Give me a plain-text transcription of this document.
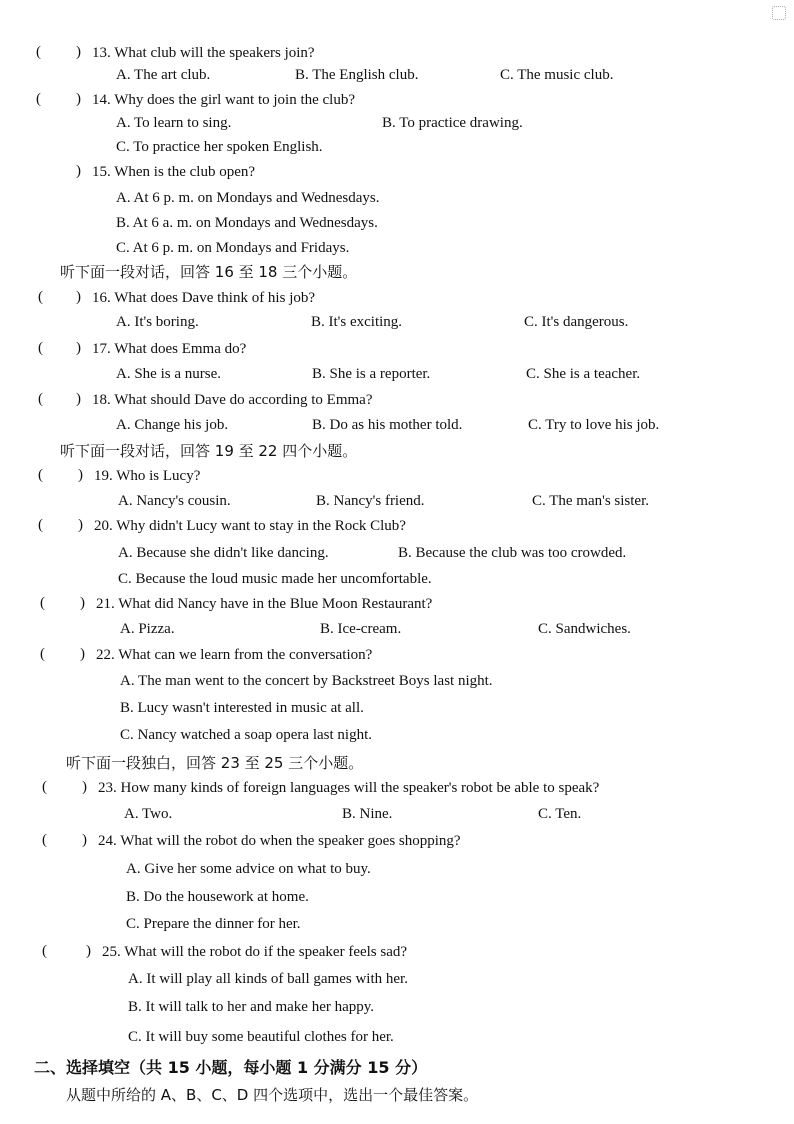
听下面一段对话，回答 16 至 18 三个小题。
听下面一段对话，回答 19 至 22 四个小题。
听下面一段独白，回答 23 至 25 三个小题。
二、选择填空（共 15 小题，每小题 1 分满分 15 分）
从题中所给的 A、B、C、D 四个选项中，选出一个最佳答案。
( ) 13. What club will the speakers join?
A. The art club.	B. The English club.	C. The music club.
( ) 14. Why does the girl want to join the club?
A. To learn to sing.	B. To practice drawing.
C. To practice her spoken English.
) 15. When is the club open?
A. At 6 p. m. on Mondays and Wednesdays.
B. At 6 a. m. on Mondays and Wednesdays.
C. At 6 p. m. on Mondays and Fridays.
( ) 16. What does Dave think of his job?
A. It's boring.	B. It's exciting.	C. It's dangerous.
( ) 17. What does Emma do?
A. She is a nurse.	B. She is a reporter.	C. She is a teacher.
( ) 18. What should Dave do according to Emma?
A. Change his job.	B. Do as his mother told.	C. Try to love his job.
( ) 19. Who is Lucy?
A. Nancy's cousin.	B. Nancy's friend.	C. The man's sister.
( ) 20. Why didn't Lucy want to stay in the Rock Club?
A. Because she didn't like dancing.	B. Because the club was too crowded.
C. Because the loud music made her uncomfortable.
( ) 21. What did Nancy have in the Blue Moon Restaurant?
A. Pizza.	B. Ice-cream.	C. Sandwiches.
( ) 22. What can we learn from the conversation?
A. The man went to the concert by Backstreet Boys last night.
B. Lucy wasn't interested in music at all.
C. Nancy watched a soap opera last night.
( ) 23. How many kinds of foreign languages will the speaker's robot be able to speak?
A. Two.	B. Nine.	C. Ten.
( ) 24. What will the robot do when the speaker goes shopping?
A. Give her some advice on what to buy.
B. Do the housework at home.
C. Prepare the dinner for her.
(	) 25. What will the robot do if the speaker feels sad?
A. It will play all kinds of ball games with her.
B. It will talk to her and make her happy.
C. It will buy some beautiful clothes for her.
